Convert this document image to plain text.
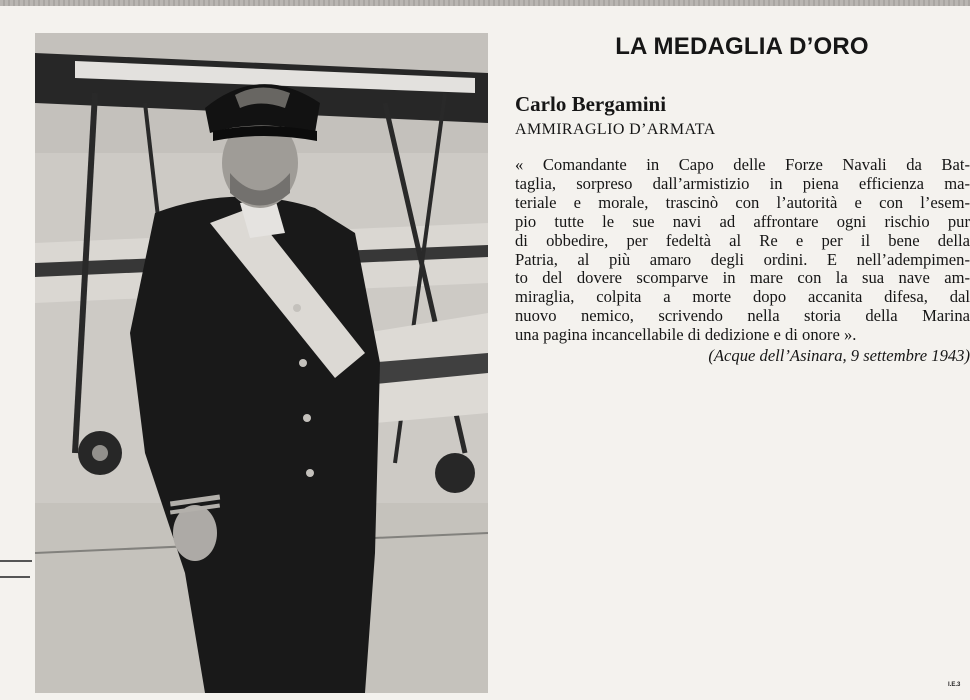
LA MEDAGLIA D’ORO
Carlo Bergamini
AMMIRAGLIO D’ARMATA

« Comandante in Capo delle Forze Navali da Bat-
taglia, sorpreso dall’armistizio in piena efficienza ma-
teriale e morale, trascinò con l’autorità e con l’esem-
pio tutte le sue navi ad affrontare ogni rischio pur
di obbedire, per fedeltà al Re e per il bene della
Patria, al più amaro degli ordini. E nell’adempimen-
to del dovere scomparve in mare con la sua nave am-
miraglia, colpita a morte dopo accanita difesa, dal
nuovo nemico, scrivendo nella storia della Marina
una pagina incancellabile di dedizione e di onore ».

(Acque dell’Asinara, 9 settembre 1943)

I.E.3
